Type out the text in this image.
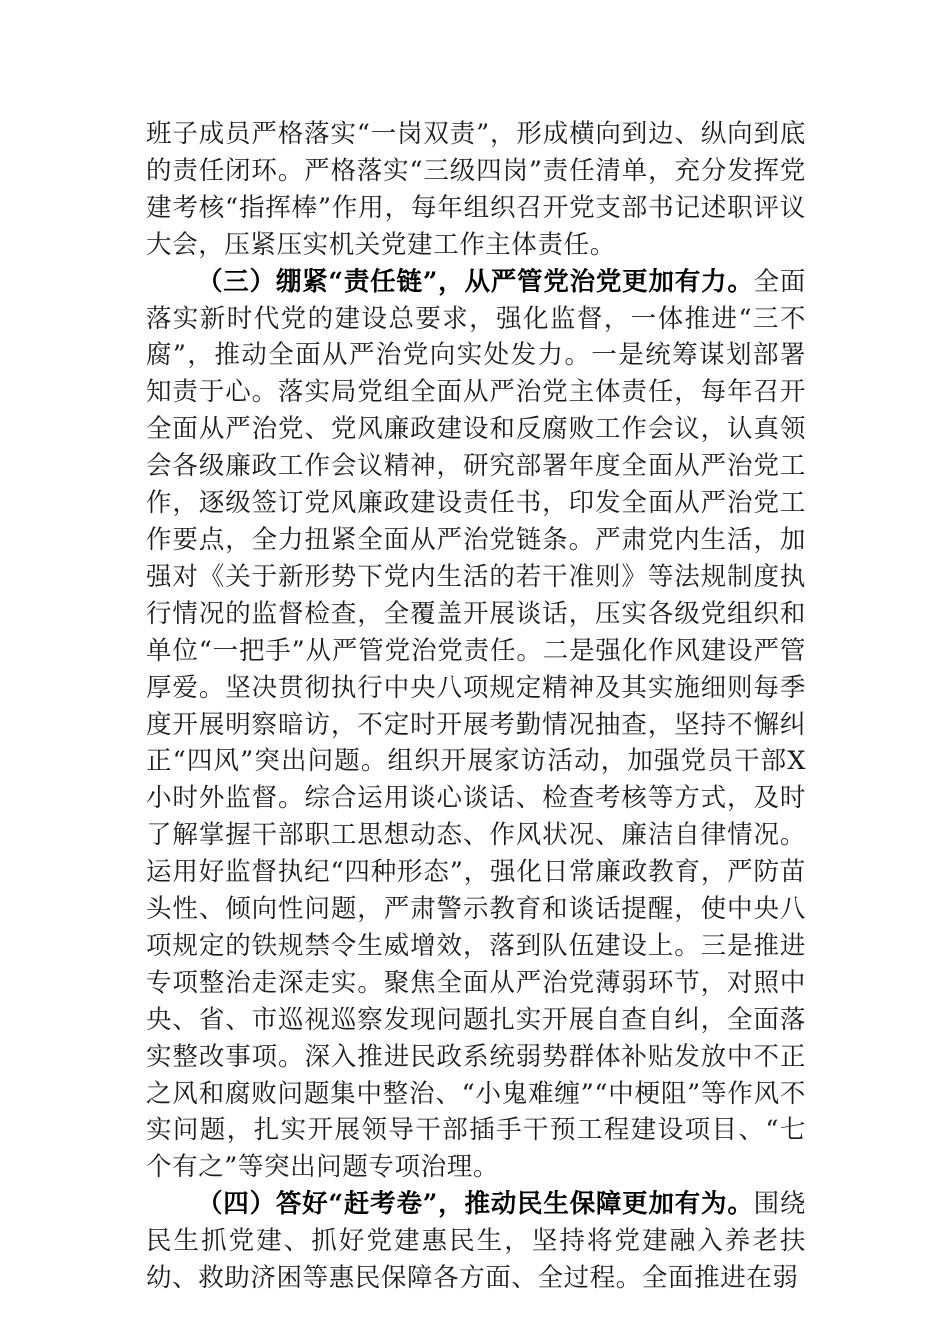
班子成员严格落实“一岗双责”，形成横向到边、纵向到底的责任闭环。严格落实“三级四岗”责任清单，充分发挥党建考核“指挥棒”作用，每年组织召开党支部书记述职评议大会，压紧压实机关党建工作主体责任。

（三）绷紧“责任链”，从严管党治党更加有力。全面落实新时代党的建设总要求，强化监督，一体推进“三不腐”，推动全面从严治党向实处发力。一是统筹谋划部署知责于心。落实局党组全面从严治党主体责任，每年召开全面从严治党、党风廉政建设和反腐败工作会议，认真领会各级廉政工作会议精神，研究部署年度全面从严治党工作，逐级签订党风廉政建设责任书，印发全面从严治党工作要点，全力扭紧全面从严治党链条。严肃党内生活，加强对《关于新形势下党内生活的若干准则》等法规制度执行情况的监督检查，全覆盖开展谈话，压实各级党组织和单位“一把手”从严管党治党责任。二是强化作风建设严管厚爱。坚决贯彻执行中央八项规定精神及其实施细则每季度开展明察暗访，不定时开展考勤情况抽查，坚持不懈纠正“四风”突出问题。组织开展家访活动，加强党员干部X小时外监督。综合运用谈心谈话、检查考核等方式，及时了解掌握干部职工思想动态、作风状况、廉洁自律情况。运用好监督执纪“四种形态”，强化日常廉政教育，严防苗头性、倾向性问题，严肃警示教育和谈话提醒，使中央八项规定的铁规禁令生威增效，落到队伍建设上。三是推进专项整治走深走实。聚焦全面从严治党薄弱环节，对照中央、省、市巡视巡察发现问题扎实开展自查自纠，全面落实整改事项。深入推进民政系统弱势群体补贴发放中不正之风和腐败问题集中整治、“小鬼难缠”“中梗阻”等作风不实问题，扎实开展领导干部插手干预工程建设项目、“七个有之”等突出问题专项治理。

（四）答好“赶考卷”，推动民生保障更加有为。围绕民生抓党建、抓好党建惠民生，坚持将党建融入养老扶幼、救助济困等惠民保障各方面、全过程。全面推进在弱
